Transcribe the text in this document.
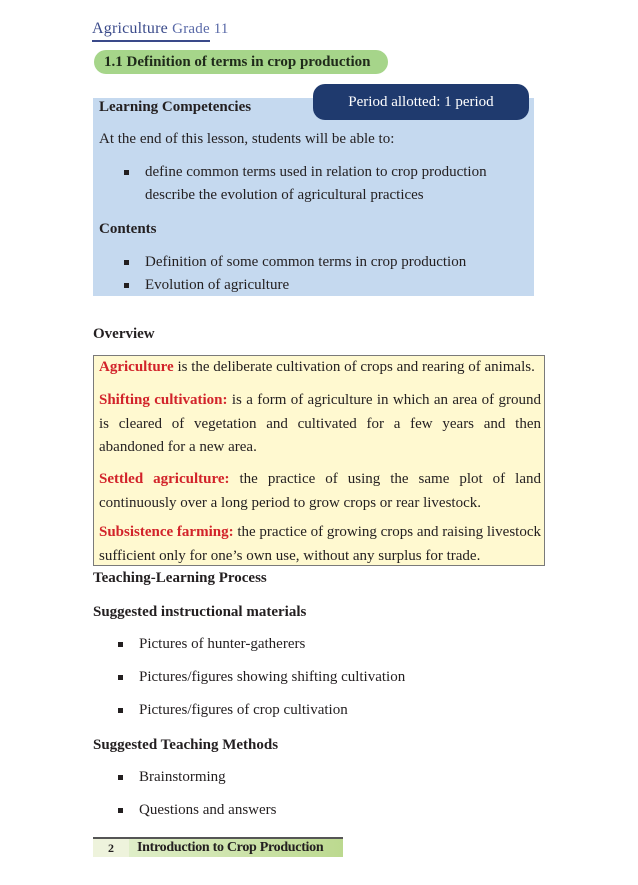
Agriculture Grade 11
1.1 Definition of terms in crop production
Period allotted: 1 period
Learning Competencies
At the end of this lesson, students will be able to:
define common terms used in relation to crop production
describe the evolution of agricultural practices
Contents
Definition of some common terms in crop production
Evolution of agriculture
Overview
Agriculture is the deliberate cultivation of crops and rearing of animals.
Shifting cultivation: is a form of agriculture in which an area of ground is cleared of vegetation and cultivated for a few years and then abandoned for a new area.
Settled agriculture: the practice of using the same plot of land continuously over a long period to grow crops or rear livestock.
Subsistence farming: the practice of growing crops and raising livestock sufficient only for one’s own use, without any surplus for trade.
Teaching-Learning Process
Suggested instructional materials
Pictures of hunter-gatherers
Pictures/figures showing shifting cultivation
Pictures/figures of crop cultivation
Suggested Teaching Methods
Brainstorming
Questions and answers
2	Introduction to Crop Production
